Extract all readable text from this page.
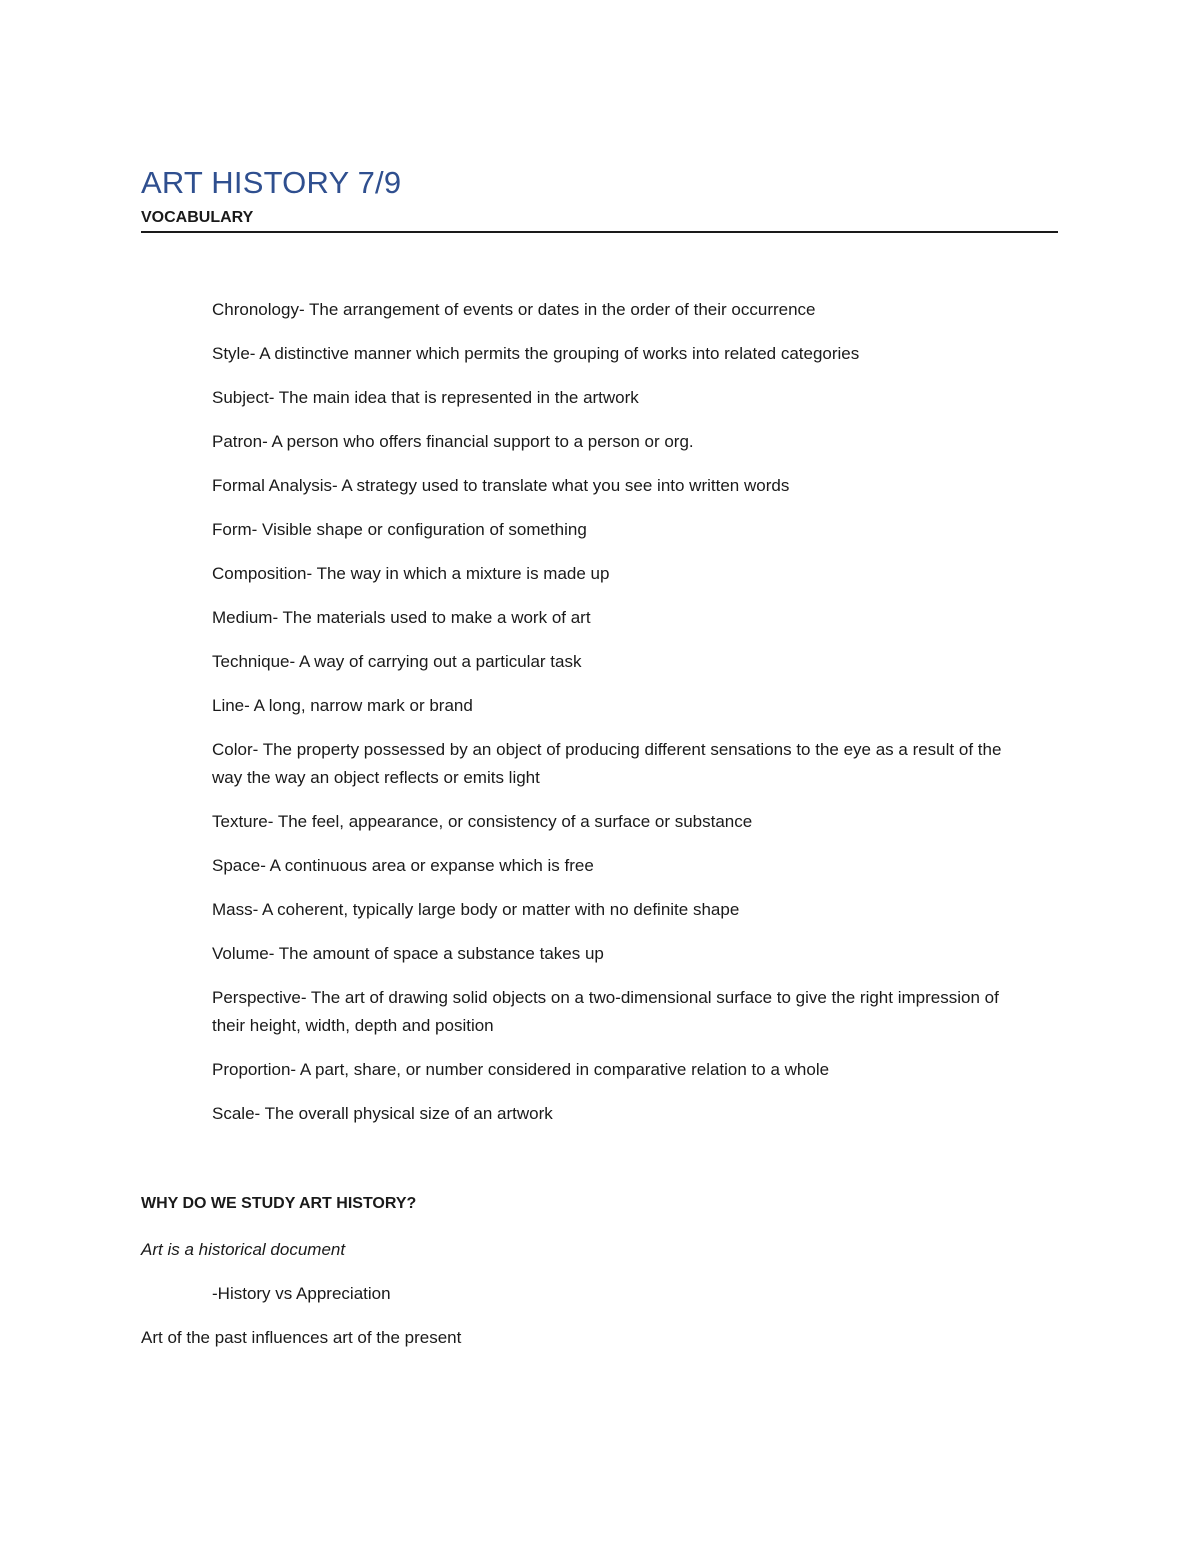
ART HISTORY 7/9
VOCABULARY
Chronology- The arrangement of events or dates in the order of their occurrence
Style- A distinctive manner which permits the grouping of works into related categories
Subject- The main idea that is represented in the artwork
Patron- A person who offers financial support to a person or org.
Formal Analysis- A strategy used to translate what you see into written words
Form- Visible shape or configuration of something
Composition- The way in which a mixture is made up
Medium- The materials used to make a work of art
Technique- A way of carrying out a particular task
Line- A long, narrow mark or brand
Color- The property possessed by an object of producing different sensations to the eye as a result of the way the way an object reflects or emits light
Texture- The feel, appearance, or consistency of a surface or substance
Space- A continuous area or expanse which is free
Mass- A coherent, typically large body or matter with no definite shape
Volume- The amount of space a substance takes up
Perspective- The art of drawing solid objects on a two-dimensional surface to give the right impression of their height, width, depth and position
Proportion- A part, share, or number considered in comparative relation to a whole
Scale- The overall physical size of an artwork
WHY DO WE STUDY ART HISTORY?

Art is a historical document

-History vs Appreciation

Art of the past influences art of the present
